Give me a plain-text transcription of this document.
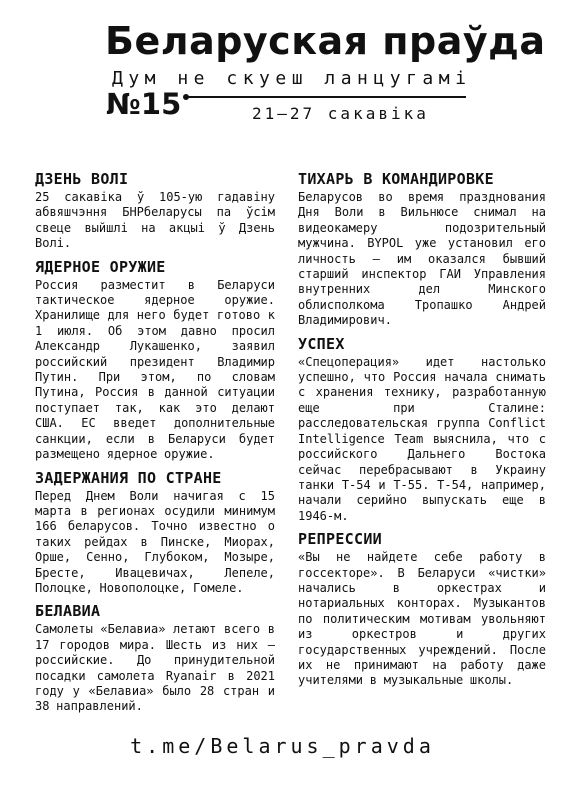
Беларуская праўда
Дум не скуеш ланцугамі
№15	21—27 сакавіка
ДЗЕНЬ ВОЛІ

25 сакавіка ў 105-ую гадавіну абвяшчэння БНРбеларусы па ўсім свеце выйшлі на акцыі ў Дзень Волі.

ЯДЕРНОЕ ОРУЖИЕ

Россия разместит в Беларуси тактическое ядерное оружие. Хранилище для него будет готово к 1 июля. Об этом давно просил Александр Лукашенко, заявил российский президент Владимир Путин. При этом, по словам Путина, Россия в данной ситуации поступает так, как это делают США. ЕС введет дополнительные санкции, если в Беларуси будет размещено ядерное оружие.

ЗАДЕРЖАНИЯ ПО СТРАНЕ

Перед Днем Воли начигая с 15 марта в регионах осудили минимум 166 беларусов. Точно известно о таких рейдах в Пинске, Миорах, Орше, Сенно, Глубоком, Мозыре, Бресте, Ивацевичах, Лепеле, Полоцке, Новополоцке, Гомеле.

БЕЛАВИА

Самолеты «Белавиа» летают всего в 17 городов мира. Шесть из них — российские. До принудительной посадки самолета Ryanair в 2021 году у «Белавиа» было 28 стран и 38 направлений.

ТИХАРЬ В КОМАНДИРОВКЕ

Беларусов во время празднования Дня Воли в Вильнюсе снимал на видеокамеру подозрительный мужчина. BYPOL уже установил его личность — им оказался бывший старший инспектор ГАИ Управления внутренних дел Минского облисполкома Тропашко Андрей Владимирович.

УСПЕХ

«Спецоперация» идет настолько успешно, что Россия начала снимать с хранения технику, разработанную еще при Сталине: расследовательская группа Conflict Intelligence Team выяснила, что с российского Дальнего Востока сейчас перебрасывают в Украину танки Т-54 и Т-55. Т-54, например, начали серийно выпускать еще в 1946-м.

РЕПРЕССИИ

«Вы не найдете себе работу в госсекторе». В Беларуси «чистки» начались в оркестрах и нотариальных конторах. Музыкантов по политическим мотивам увольняют из оркестров и других государственных учреждений. После их не принимают на работу даже учителями в музыкальные школы.

t.me/Belarus_pravda
